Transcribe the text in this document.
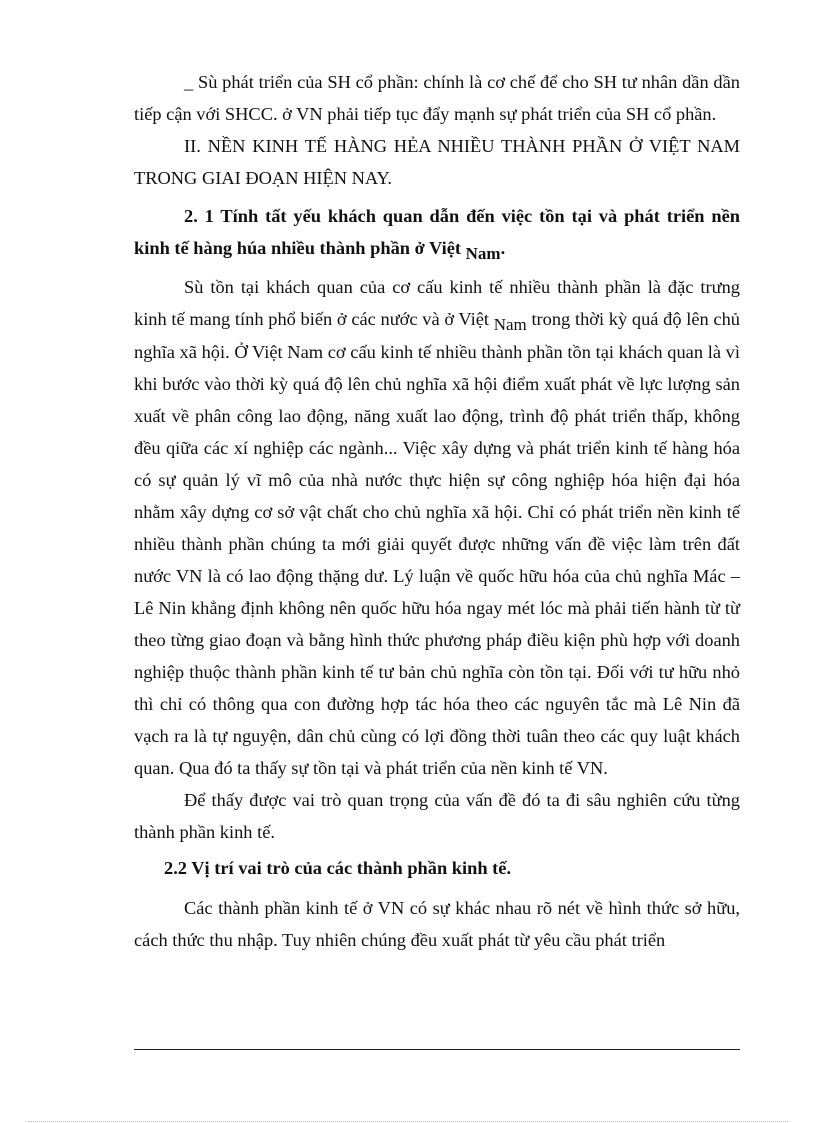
_ Sù phát triển của SH cổ phần: chính là cơ chế để cho SH tư nhân dần dần tiếp cận với SHCC. ở VN phải tiếp tục đẩy mạnh sự phát triển của SH cổ phần.

II. NỀN KINH TẾ HÀNG HẺA NHIỀU THÀNH PHẦN Ở VIỆT NAM TRONG GIAI ĐOẠN HIỆN NAY.

2. 1 Tính tất yếu khách quan dẫn đến việc tồn tại và phát triển nền kinh tế hàng húa nhiều thành phần ở Việt Nam.

Sù tồn tại khách quan của cơ cấu kinh tế nhiều thành phần là đặc trưng kinh tế mang tính phổ biến ở các nước và ở Việt Nam trong thời kỳ quá độ lên chủ nghĩa xã hội. Ở Việt Nam cơ cấu kinh tế nhiều thành phần tồn tại khách quan là vì khi bước vào thời kỳ quá độ lên chủ nghĩa xã hội điểm xuất phát về lực lượng sản xuất về phân công lao động, năng xuất lao động, trình độ phát triển thấp, không đều qiữa các xí nghiệp các ngành... Việc xây dựng và phát triển kinh tế hàng hóa có sự quản lý vĩ mô của nhà nước thực hiện sự công nghiệp hóa hiện đại hóa nhằm xây dựng cơ sở vật chất cho chủ nghĩa xã hội. Chỉ có phát triển nền kinh tế nhiều thành phần chúng ta mới giải quyết được những vấn đề việc làm trên đất nước VN là có lao động thặng dư. Lý luận về quốc hữu hóa của chủ nghĩa Mác – Lê Nin khẳng định không nên quốc hữu hóa ngay mét lóc mà phải tiến hành từ từ theo từng giao đoạn và bằng hình thức phương pháp điều kiện phù hợp với doanh nghiệp thuộc thành phần kinh tế tư bản chủ nghĩa còn tồn tại. Đối với tư hữu nhỏ thì chỉ có thông qua con đường hợp tác hóa theo các nguyên tắc mà Lê Nin đã vạch ra là tự nguyện, dân chủ cùng có lợi đồng thời tuân theo các quy luật khách quan. Qua đó ta thấy sự tồn tại và phát triển của nền kinh tế VN.

Để thấy được vai trò quan trọng của vấn đề đó ta đi sâu nghiên cứu từng thành phần kinh tế.

2.2 Vị trí vai trò của các thành phần kinh tế.

Các thành phần kinh tế ở VN có sự khác nhau rõ nét về hình thức sở hữu, cách thức thu nhập. Tuy nhiên chúng đều xuất phát từ yêu cầu phát triển
